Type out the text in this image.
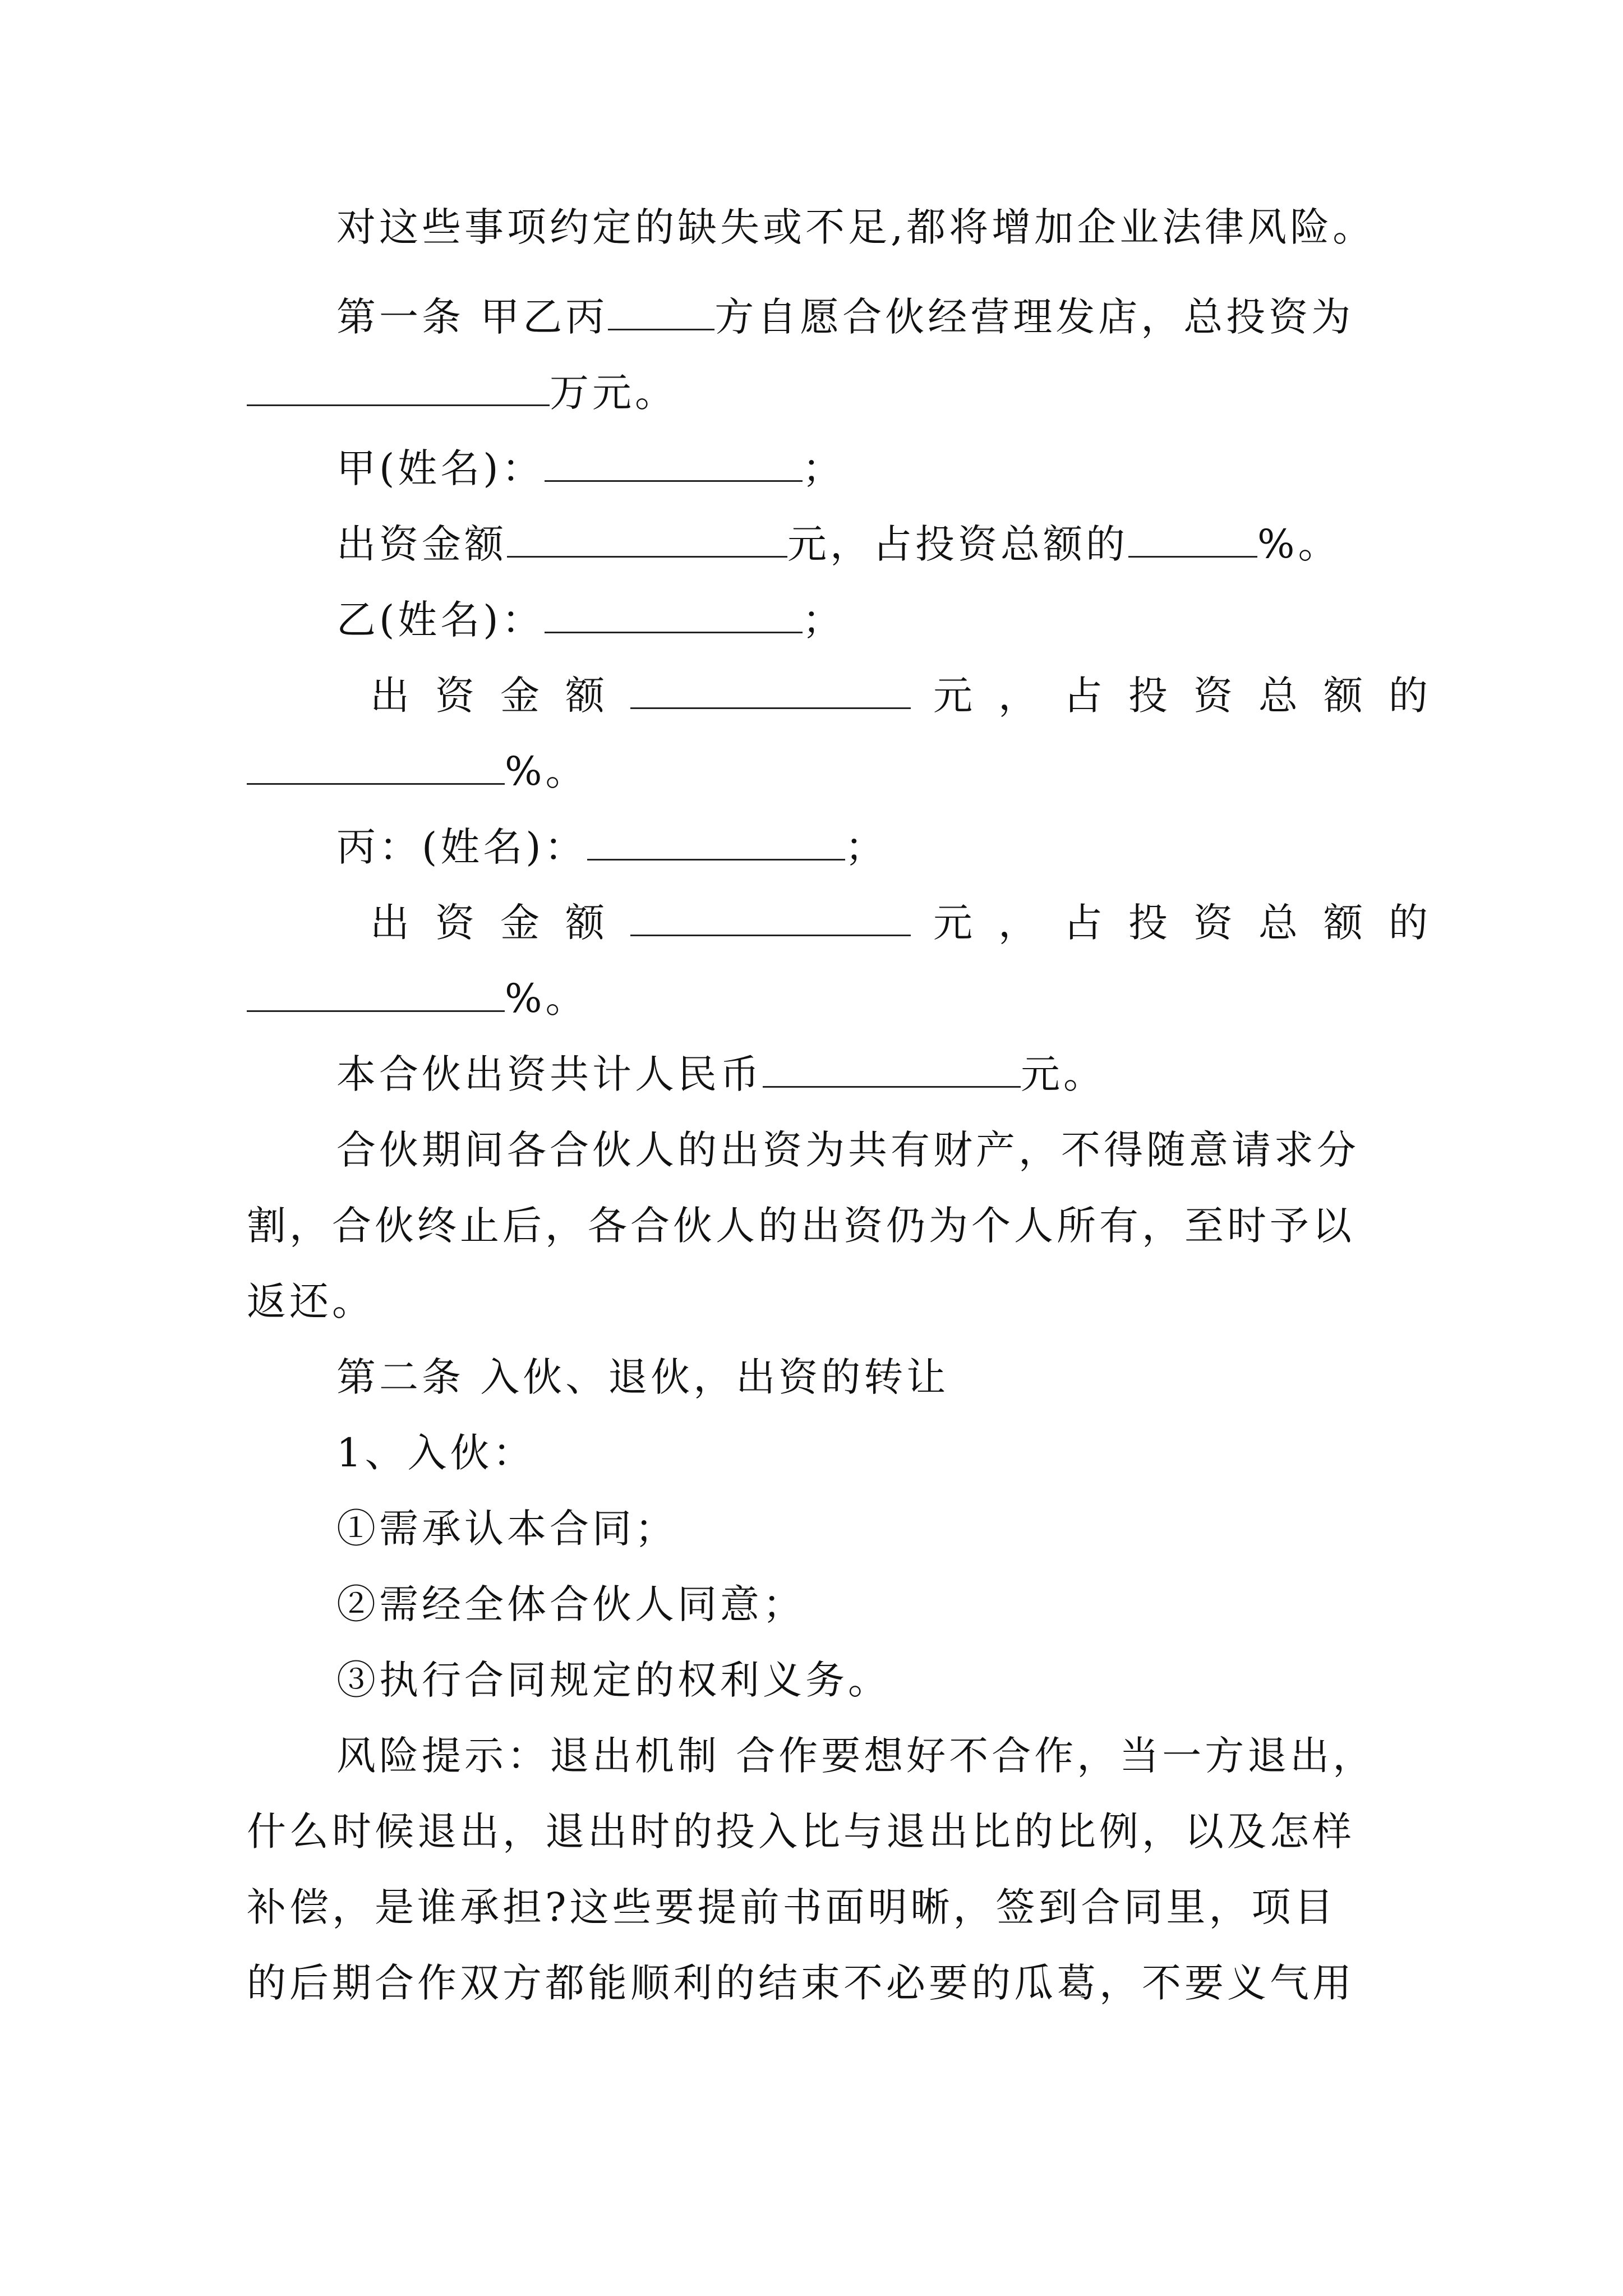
对这些事项约定的缺失或不足,都将增加企业法律风险。
第一条 甲乙丙	方自愿合伙经营理发店，总投资为
万元。
甲(姓名)：	；
出资金额	元，占投资总额的	%。
乙(姓名)：	；
出资金额	元，占投资总额的
%。
丙：(姓名)：	；
出资金额	元，占投资总额的
%。
本合伙出资共计人民币	元。
合伙期间各合伙人的出资为共有财产，不得随意请求分
割，合伙终止后，各合伙人的出资仍为个人所有，至时予以
返还。
第二条 入伙、退伙，出资的转让
1、入伙：
①需承认本合同；
②需经全体合伙人同意；
③执行合同规定的权利义务。
风险提示：退出机制 合作要想好不合作，当一方退出，
什么时候退出，退出时的投入比与退出比的比例，以及怎样
补偿，是谁承担?这些要提前书面明晰，签到合同里，项目
的后期合作双方都能顺利的结束不必要的瓜葛，不要义气用
